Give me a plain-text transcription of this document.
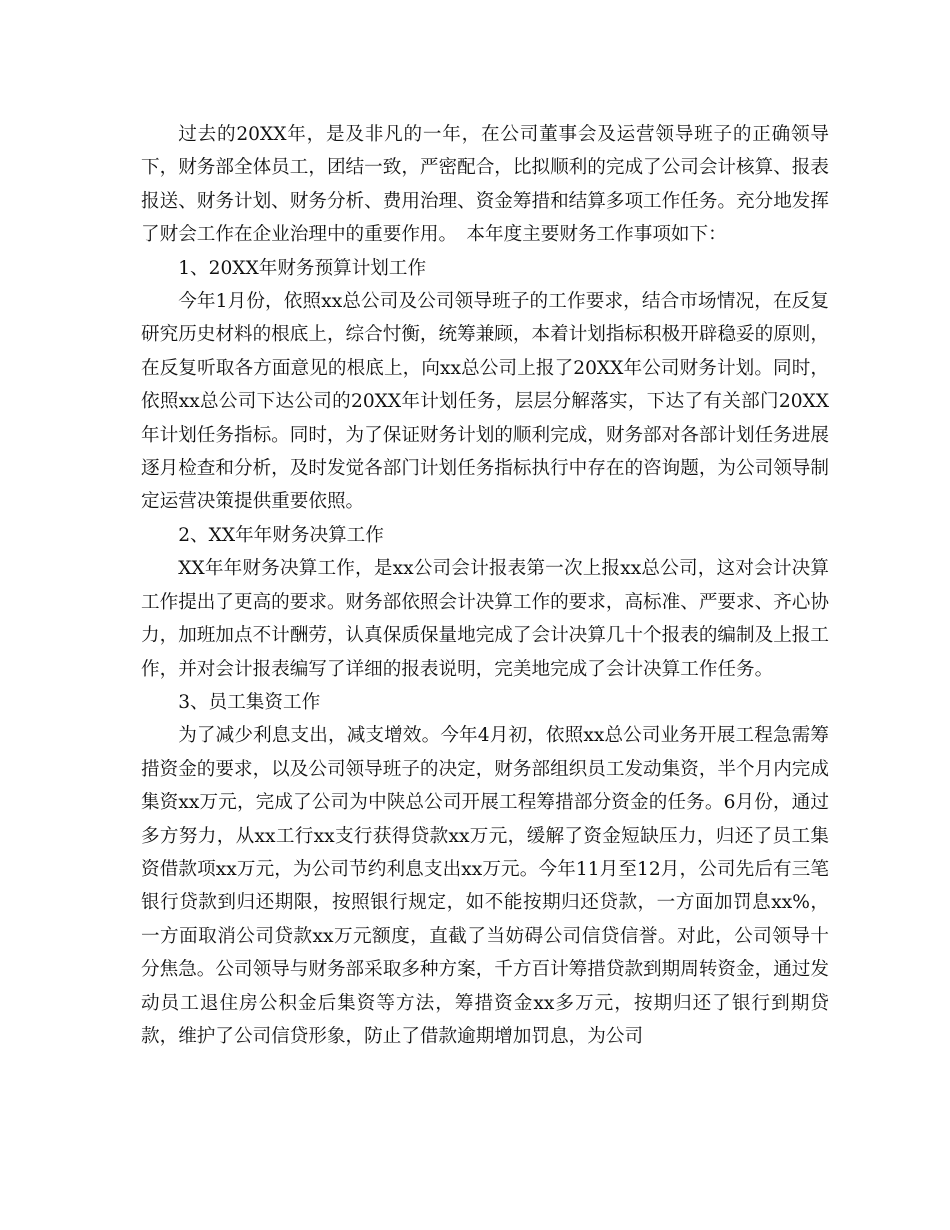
过去的20XX年，是及非凡的一年，在公司董事会及运营领导班子的正确领导下，财务部全体员工，团结一致，严密配合，比拟顺利的完成了公司会计核算、报表报送、财务计划、财务分析、费用治理、资金筹措和结算多项工作任务。充分地发挥了财会工作在企业治理中的重要作用。　本年度主要财务工作事项如下：

1、20XX年财务预算计划工作

今年1月份，依照xx总公司及公司领导班子的工作要求，结合市场情况，在反复研究历史材料的根底上，综合忖衡，统筹兼顾，本着计划指标积极开辟稳妥的原则，在反复听取各方面意见的根底上，向xx总公司上报了20XX年公司财务计划。同时，依照xx总公司下达公司的20XX年计划任务，层层分解落实，下达了有关部门20XX年计划任务指标。同时，为了保证财务计划的顺利完成，财务部对各部计划任务进展逐月检查和分析，及时发觉各部门计划任务指标执行中存在的咨询题，为公司领导制定运营决策提供重要依照。

2、XX年年财务决算工作

XX年年财务决算工作，是xx公司会计报表第一次上报xx总公司，这对会计决算工作提出了更高的要求。财务部依照会计决算工作的要求，高标准、严要求、齐心协力，加班加点不计酬劳，认真保质保量地完成了会计决算几十个报表的编制及上报工作，并对会计报表编写了详细的报表说明，完美地完成了会计决算工作任务。

3、员工集资工作

为了减少利息支出，减支增效。今年4月初，依照xx总公司业务开展工程急需筹措资金的要求，以及公司领导班子的决定，财务部组织员工发动集资，半个月内完成集资xx万元，完成了公司为中陕总公司开展工程筹措部分资金的任务。6月份，通过多方努力，从xx工行xx支行获得贷款xx万元，缓解了资金短缺压力，归还了员工集资借款项xx万元，为公司节约利息支出xx万元。今年11月至12月，公司先后有三笔银行贷款到归还期限，按照银行规定，如不能按期归还贷款，一方面加罚息xx%，一方面取消公司贷款xx万元额度，直截了当妨碍公司信贷信誉。对此，公司领导十分焦急。公司领导与财务部采取多种方案，千方百计筹措贷款到期周转资金，通过发动员工退住房公积金后集资等方法，筹措资金xx多万元，按期归还了银行到期贷款，维护了公司信贷形象，防止了借款逾期增加罚息，为公司
